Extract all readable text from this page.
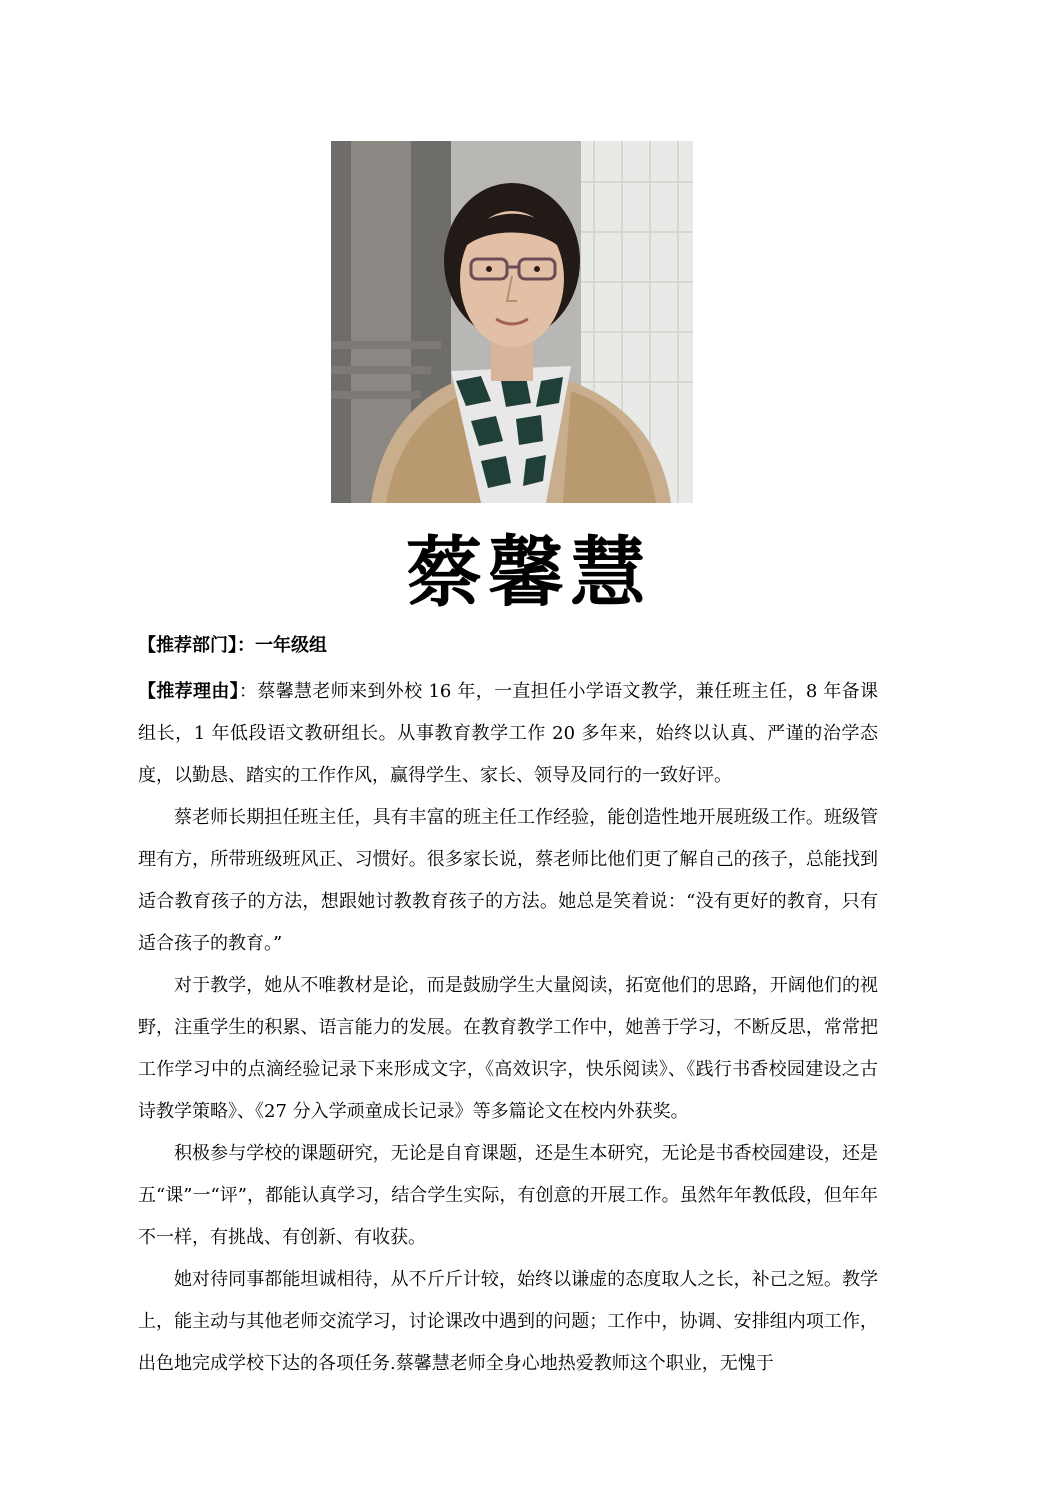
蔡馨慧
【推荐部门】：一年级组
【推荐理由】：蔡馨慧老师来到外校 16 年，一直担任小学语文教学，兼任班主任，8 年备课组长，1 年低段语文教研组长。从事教育教学工作 20 多年来，始终以认真、严谨的治学态度，以勤恳、踏实的工作作风，赢得学生、家长、领导及同行的一致好评。

蔡老师长期担任班主任，具有丰富的班主任工作经验，能创造性地开展班级工作。班级管理有方，所带班级班风正、习惯好。很多家长说，蔡老师比他们更了解自己的孩子，总能找到适合教育孩子的方法，想跟她讨教教育孩子的方法。她总是笑着说：“没有更好的教育，只有适合孩子的教育。”

对于教学，她从不唯教材是论，而是鼓励学生大量阅读，拓宽他们的思路，开阔他们的视野，注重学生的积累、语言能力的发展。在教育教学工作中，她善于学习，不断反思，常常把工作学习中的点滴经验记录下来形成文字，《高效识字，快乐阅读》、《践行书香校园建设之古诗教学策略》、《27 分入学顽童成长记录》等多篇论文在校内外获奖。

积极参与学校的课题研究，无论是自育课题，还是生本研究，无论是书香校园建设，还是五“课”一“评”，都能认真学习，结合学生实际，有创意的开展工作。虽然年年教低段，但年年不一样，有挑战、有创新、有收获。

她对待同事都能坦诚相待，从不斤斤计较，始终以谦虚的态度取人之长，补己之短。教学上，能主动与其他老师交流学习，讨论课改中遇到的问题；工作中，协调、安排组内项工作，出色地完成学校下达的各项任务.蔡馨慧老师全身心地热爱教师这个职业，无愧于
